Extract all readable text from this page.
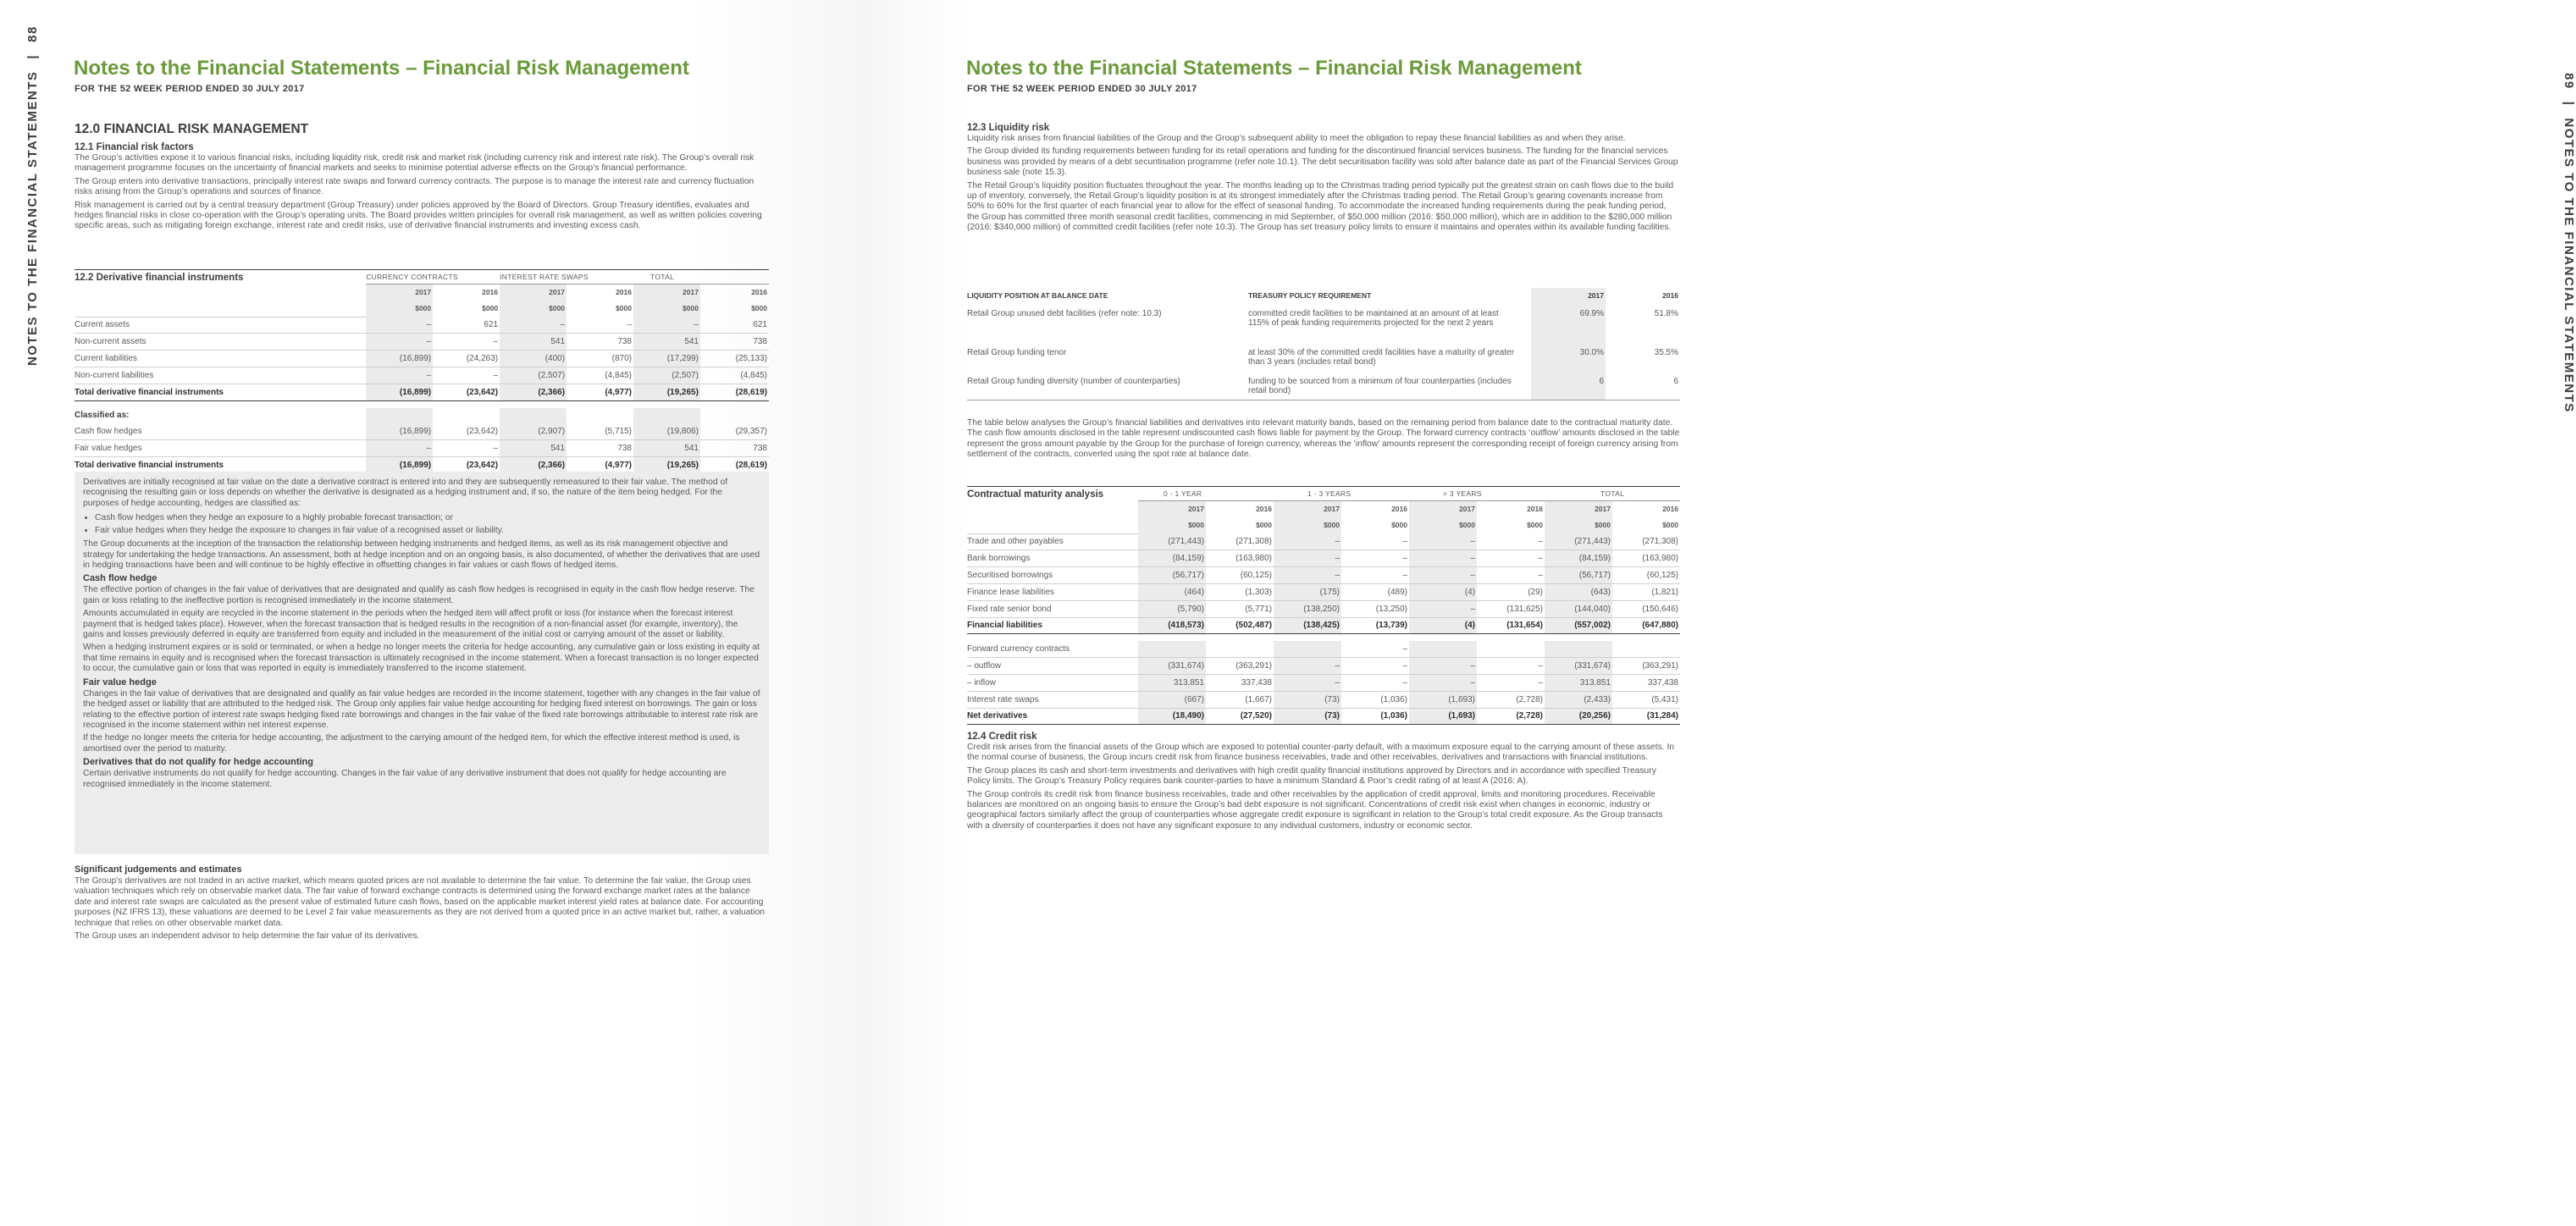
NOTES TO THE FINANCIAL STATEMENTS|88
Notes to the Financial Statements – Financial Risk Management
FOR THE 52 WEEK PERIOD ENDED 30 JULY 2017
12.0 FINANCIAL RISK MANAGEMENT
12.1 Financial risk factors

The Group’s activities expose it to various financial risks, including liquidity risk, credit risk and market risk (including currency risk and interest rate risk). The Group’s overall risk management programme focuses on the uncertainty of financial markets and seeks to minimise potential adverse effects on the Group’s financial performance.

The Group enters into derivative transactions, principally interest rate swaps and forward currency contracts. The purpose is to manage the interest rate and currency fluctuation risks arising from the Group’s operations and sources of finance.

Risk management is carried out by a central treasury department (Group Treasury) under policies approved by the Board of Directors. Group Treasury identifies, evaluates and hedges financial risks in close co-operation with the Group’s operating units. The Board provides written principles for overall risk management, as well as written policies covering specific areas, such as mitigating foreign exchange, interest rate and credit risks, use of derivative financial instruments and investing excess cash.

12.2 Derivative financial instruments	CURRENCY CONTRACTS		INTEREST RATE SWAPS		TOTAL	
	2017	2016	2017	2016	2017	2016
	$000	$000	$000	$000	$000	$000
Current assets	–	621	–	–	–	621
Non-current assets	–	–	541	738	541	738
Current liabilities	(16,899)	(24,263)	(400)	(870)	(17,299)	(25,133)
Non-current liabilities	–	–	(2,507)	(4,845)	(2,507)	(4,845)
Total derivative financial instruments	(16,899)	(23,642)	(2,366)	(4,977)	(19,265)	(28,619)

Classified as:						
Cash flow hedges	(16,899)	(23,642)	(2,907)	(5,715)	(19,806)	(29,357)
Fair value hedges	–	–	541	738	541	738
Total derivative financial instruments	(16,899)	(23,642)	(2,366)	(4,977)	(19,265)	(28,619)

Derivatives are initially recognised at fair value on the date a derivative contract is entered into and they are subsequently remeasured to their fair value. The method of recognising the resulting gain or loss depends on whether the derivative is designated as a hedging instrument and, if so, the nature of the item being hedged. For the purposes of hedge accounting, hedges are classified as:

• Cash flow hedges when they hedge an exposure to a highly probable forecast transaction; or
• Fair value hedges when they hedge the exposure to changes in fair value of a recognised asset or liability.

The Group documents at the inception of the transaction the relationship between hedging instruments and hedged items, as well as its risk management objective and strategy for undertaking the hedge transactions. An assessment, both at hedge inception and on an ongoing basis, is also documented, of whether the derivatives that are used in hedging transactions have been and will continue to be highly effective in offsetting changes in fair values or cash flows of hedged items.

Cash flow hedge

The effective portion of changes in the fair value of derivatives that are designated and qualify as cash flow hedges is recognised in equity in the cash flow hedge reserve. The gain or loss relating to the ineffective portion is recognised immediately in the income statement.

Amounts accumulated in equity are recycled in the income statement in the periods when the hedged item will affect profit or loss (for instance when the forecast interest payment that is hedged takes place). However, when the forecast transaction that is hedged results in the recognition of a non-financial asset (for example, inventory), the gains and losses previously deferred in equity are transferred from equity and included in the measurement of the initial cost or carrying amount of the asset or liability.

When a hedging instrument expires or is sold or terminated, or when a hedge no longer meets the criteria for hedge accounting, any cumulative gain or loss existing in equity at that time remains in equity and is recognised when the forecast transaction is ultimately recognised in the income statement. When a forecast transaction is no longer expected to occur, the cumulative gain or loss that was reported in equity is immediately transferred to the income statement.

Fair value hedge

Changes in the fair value of derivatives that are designated and qualify as fair value hedges are recorded in the income statement, together with any changes in the fair value of the hedged asset or liability that are attributed to the hedged risk. The Group only applies fair value hedge accounting for hedging fixed interest on borrowings. The gain or loss relating to the effective portion of interest rate swaps hedging fixed rate borrowings and changes in the fair value of the fixed rate borrowings attributable to interest rate risk are recognised in the income statement within net interest expense.

If the hedge no longer meets the criteria for hedge accounting, the adjustment to the carrying amount of the hedged item, for which the effective interest method is used, is amortised over the period to maturity.

Derivatives that do not qualify for hedge accounting

Certain derivative instruments do not qualify for hedge accounting. Changes in the fair value of any derivative instrument that does not qualify for hedge accounting are recognised immediately in the income statement.

Significant judgements and estimates

The Group’s derivatives are not traded in an active market, which means quoted prices are not available to determine the fair value. To determine the fair value, the Group uses valuation techniques which rely on observable market data. The fair value of forward exchange contracts is determined using the forward exchange market rates at the balance date and interest rate swaps are calculated as the present value of estimated future cash flows, based on the applicable market interest yield rates at balance date. For accounting purposes (NZ IFRS 13), these valuations are deemed to be Level 2 fair value measurements as they are not derived from a quoted price in an active market but, rather, a valuation technique that relies on other observable market data.

The Group uses an independent advisor to help determine the fair value of its derivatives.

Notes to the Financial Statements – Financial Risk Management
FOR THE 52 WEEK PERIOD ENDED 30 JULY 2017
12.3 Liquidity risk

Liquidity risk arises from financial liabilities of the Group and the Group’s subsequent ability to meet the obligation to repay these financial liabilities as and when they arise.

The Group divided its funding requirements between funding for its retail operations and funding for the discontinued financial services business. The funding for the financial services business was provided by means of a debt securitisation programme (refer note 10.1). The debt securitisation facility was sold after balance date as part of the Financial Services Group business sale (note 15.3).

The Retail Group’s liquidity position fluctuates throughout the year. The months leading up to the Christmas trading period typically put the greatest strain on cash flows due to the build up of inventory, conversely, the Retail Group’s liquidity position is at its strongest immediately after the Christmas trading period. The Retail Group’s gearing covenants increase from 50% to 60% for the first quarter of each financial year to allow for the effect of seasonal funding. To accommodate the increased funding requirements during the peak funding period, the Group has committed three month seasonal credit facilities, commencing in mid September, of $50,000 million (2016: $50,000 million), which are in addition to the $280,000 million (2016: $340,000 million) of committed credit facilities (refer note 10.3). The Group has set treasury policy limits to ensure it maintains and operates within its available funding facilities.

LIQUIDITY POSITION AT BALANCE DATE	TREASURY POLICY REQUIREMENT	2017	2016
Retail Group unused debt facilities (refer note: 10.3)	committed credit facilities to be maintained at an amount of at least 115% of peak funding requirements projected for the next 2 years	69.9%	51.8%
Retail Group funding tenor	at least 30% of the committed credit facilities have a maturity of greater than 3 years (includes retail bond)	30.0%	35.5%
Retail Group funding diversity (number of counterparties)	funding to be sourced from a minimum of four counterparties (includes retail bond)	6	6

The table below analyses the Group’s financial liabilities and derivatives into relevant maturity bands, based on the remaining period from balance date to the contractual maturity date. The cash flow amounts disclosed in the table represent undiscounted cash flows liable for payment by the Group. The forward currency contracts ‘outflow’ amounts disclosed in the table represent the gross amount payable by the Group for the purchase of foreign currency, whereas the ‘inflow’ amounts represent the corresponding receipt of foreign currency arising from settlement of the contracts, converted using the spot rate at balance date.

Contractual maturity analysis	0 - 1 YEAR		1 - 3 YEARS		> 3 YEARS		TOTAL	
	2017	2016	2017	2016	2017	2016	2017	2016
	$000	$000	$000	$000	$000	$000	$000	$000
Trade and other payables	(271,443)	(271,308)	–	–	–	–	(271,443)	(271,308)
Bank borrowings	(84,159)	(163,980)	–	–	–	–	(84,159)	(163,980)
Securitised borrowings	(56,717)	(60,125)	–	–	–	–	(56,717)	(60,125)
Finance lease liabilities	(464)	(1,303)	(175)	(489)	(4)	(29)	(643)	(1,821)
Fixed rate senior bond	(5,790)	(5,771)	(138,250)	(13,250)	–	(131,625)	(144,040)	(150,646)
Financial liabilities	(418,573)	(502,487)	(138,425)	(13,739)	(4)	(131,654)	(557,002)	(647,880)

Forward currency contracts				–				
– outflow	(331,674)	(363,291)	–	–	–	–	(331,674)	(363,291)
– inflow	313,851	337,438	–	–	–	–	313,851	337,438
Interest rate swaps	(667)	(1,667)	(73)	(1,036)	(1,693)	(2,728)	(2,433)	(5,431)
Net derivatives	(18,490)	(27,520)	(73)	(1,036)	(1,693)	(2,728)	(20,256)	(31,284)
12.4 Credit risk

Credit risk arises from the financial assets of the Group which are exposed to potential counter-party default, with a maximum exposure equal to the carrying amount of these assets. In the normal course of business, the Group incurs credit risk from finance business receivables, trade and other receivables, derivatives and transactions with financial institutions.

The Group places its cash and short-term investments and derivatives with high credit quality financial institutions approved by Directors and in accordance with specified Treasury Policy limits. The Group’s Treasury Policy requires bank counter-parties to have a minimum Standard & Poor’s credit rating of at least A (2016: A).

The Group controls its credit risk from finance business receivables, trade and other receivables by the application of credit approval, limits and monitoring procedures. Receivable balances are monitored on an ongoing basis to ensure the Group’s bad debt exposure is not significant. Concentrations of credit risk exist when changes in economic, industry or geographical factors similarly affect the group of counterparties whose aggregate credit exposure is significant in relation to the Group’s total credit exposure. As the Group transacts with a diversity of counterparties it does not have any significant exposure to any individual customers, industry or economic sector.

89|NOTES TO THE FINANCIAL STATEMENTS
